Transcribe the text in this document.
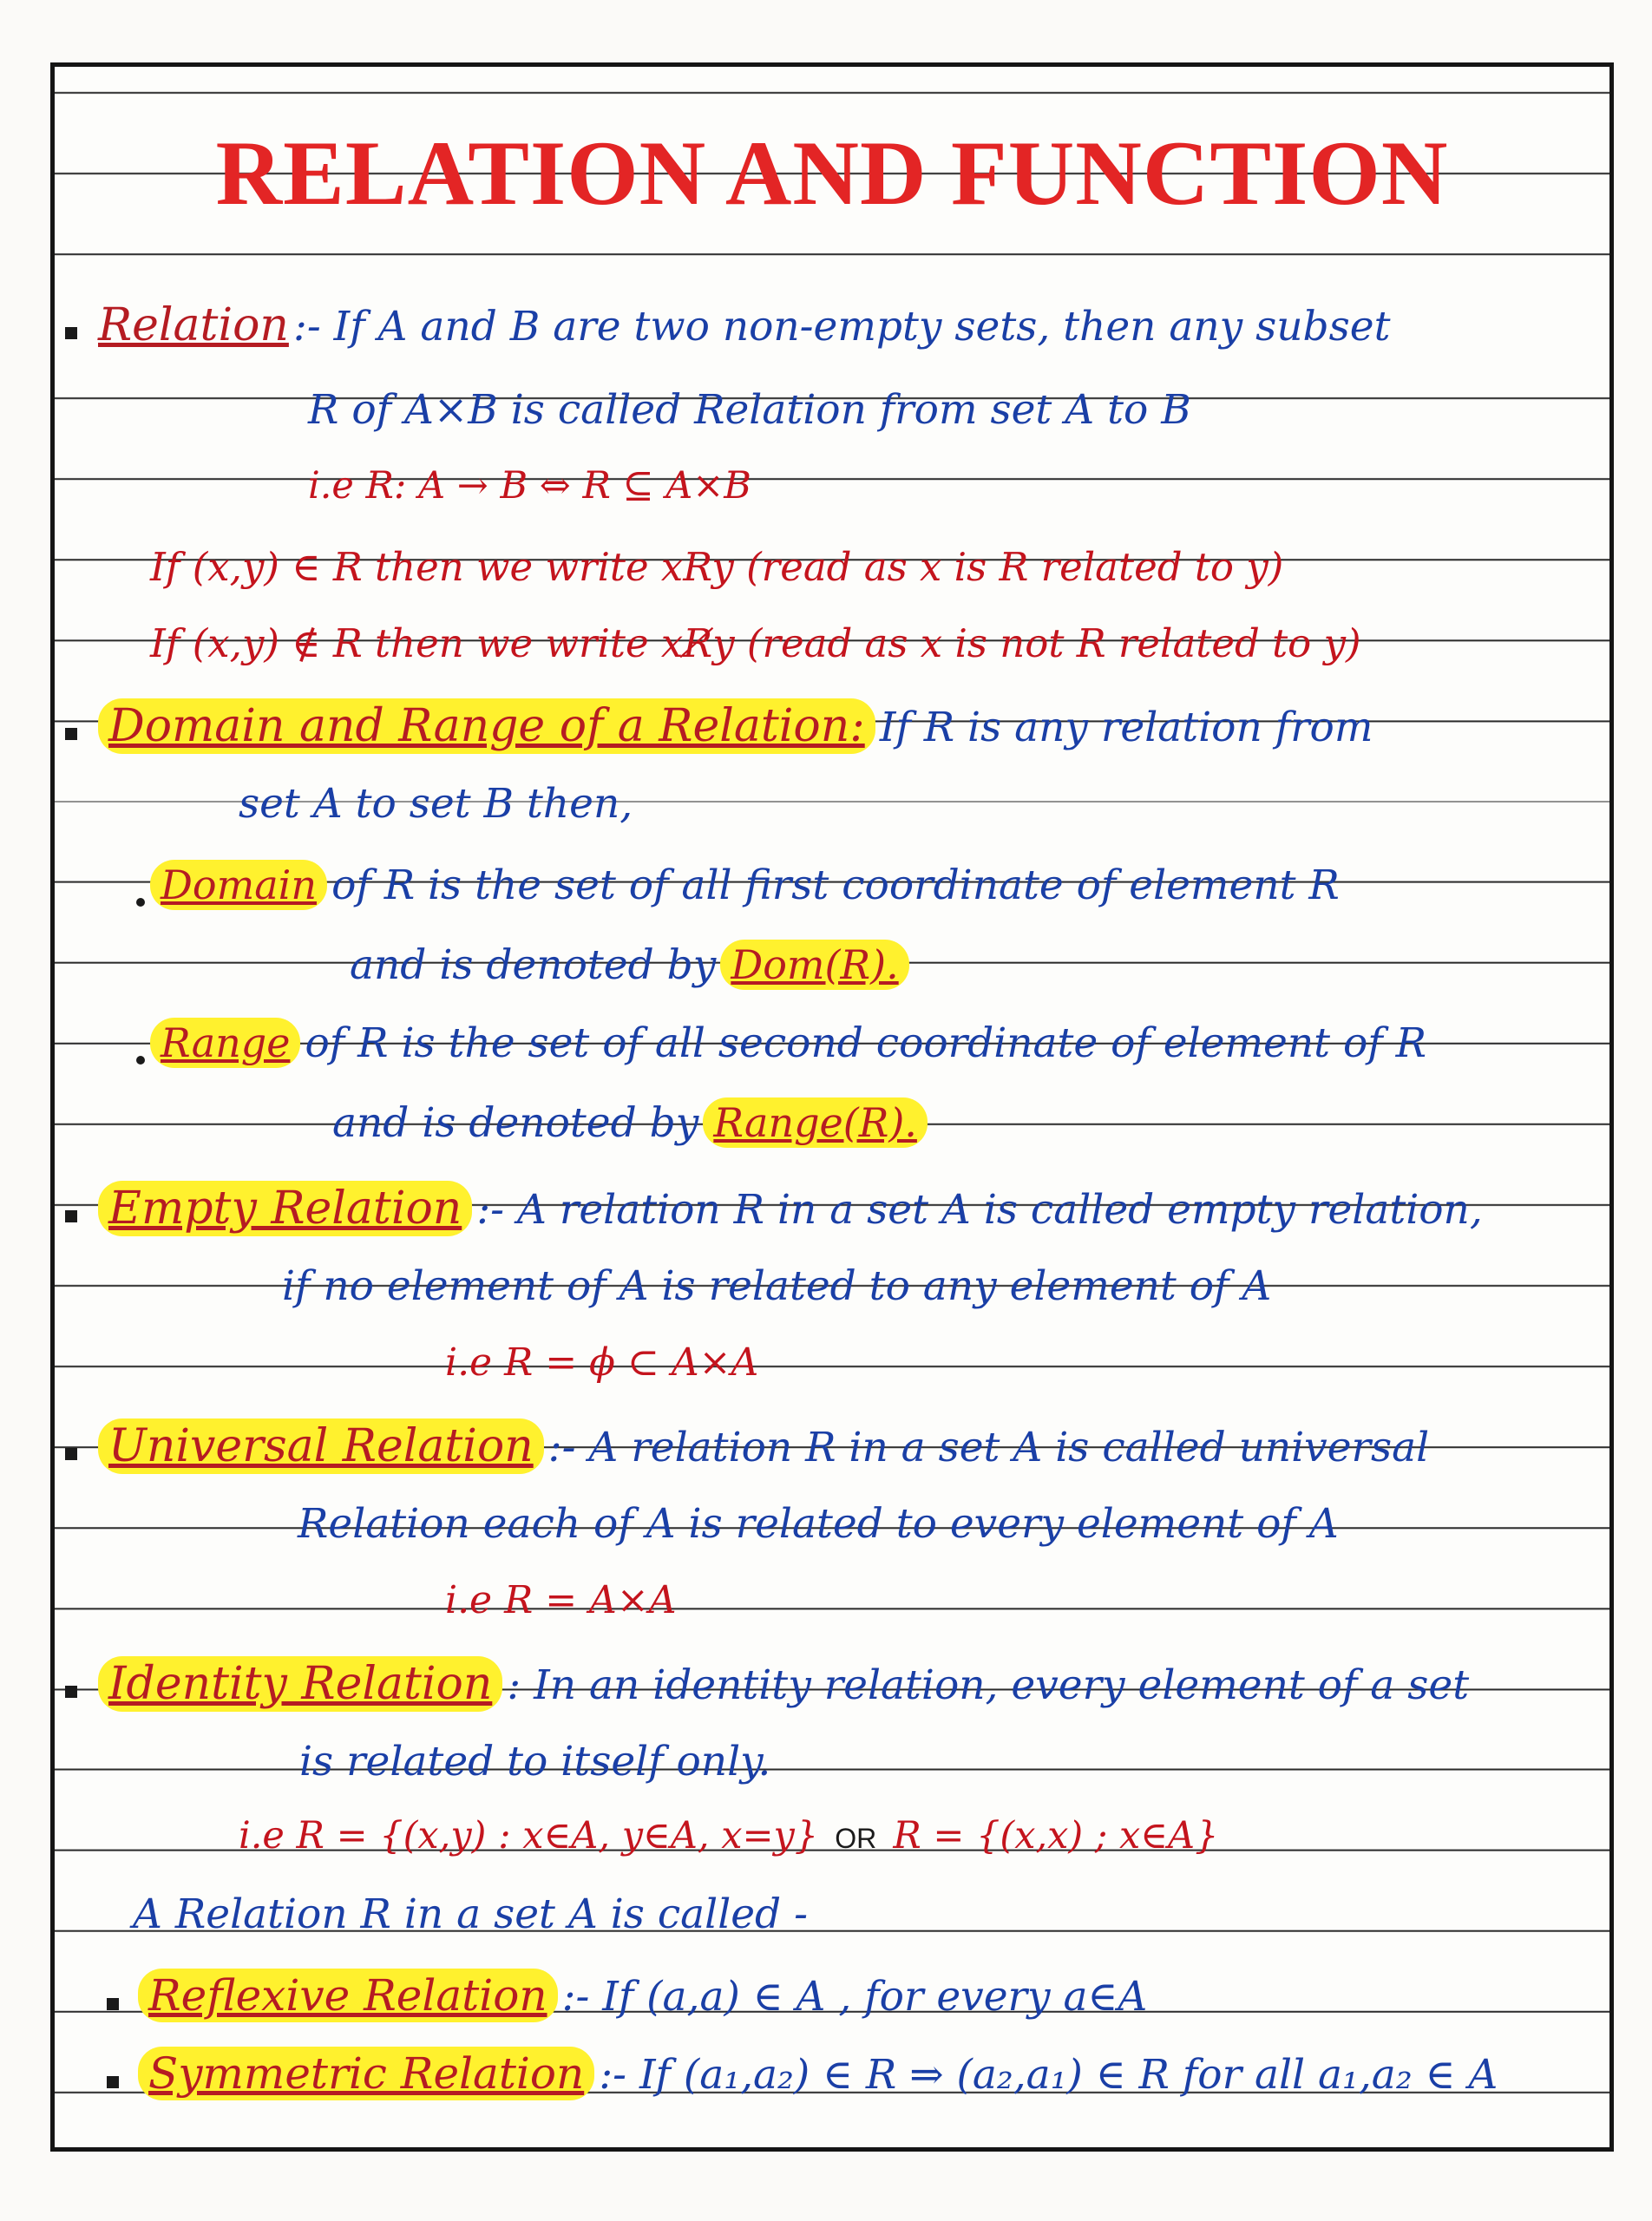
RELATION AND FUNCTION
Relation :- If A and B are two non-empty sets, then any subset
R of A×B is called Relation from set A to B
i.e R: A → B ⇔ R ⊆ A×B
If (x,y) ∈ R then we write xRy (read as x is R related to y)
If (x,y) ∉ R then we write xR̸y (read as x is not R related to y)
Domain and Range of a Relation: If R is any relation from
set A to set B then,
Domain of R is the set of all first coordinate of element R
and is denoted by Dom(R).
Range of R is the set of all second coordinate of element of R
and is denoted by Range(R).
Empty Relation :- A relation R in a set A is called empty relation,
if no element of A is related to any element of A
i.e R = ϕ ⊂ A×A
Universal Relation :- A relation R in a set A is called universal
Relation each of A is related to every element of A
i.e R = A×A
Identity Relation : In an identity relation, every element of a set
is related to itself only.
i.e R = {(x,y) : x∈A, y∈A, x=y} OR R = {(x,x) ; x∈A}
A Relation R in a set A is called -
Reflexive Relation :- If (a,a) ∈ A , for every a∈A
Symmetric Relation :- If (a₁,a₂) ∈ R ⇒ (a₂,a₁) ∈ R for all a₁,a₂ ∈ A
